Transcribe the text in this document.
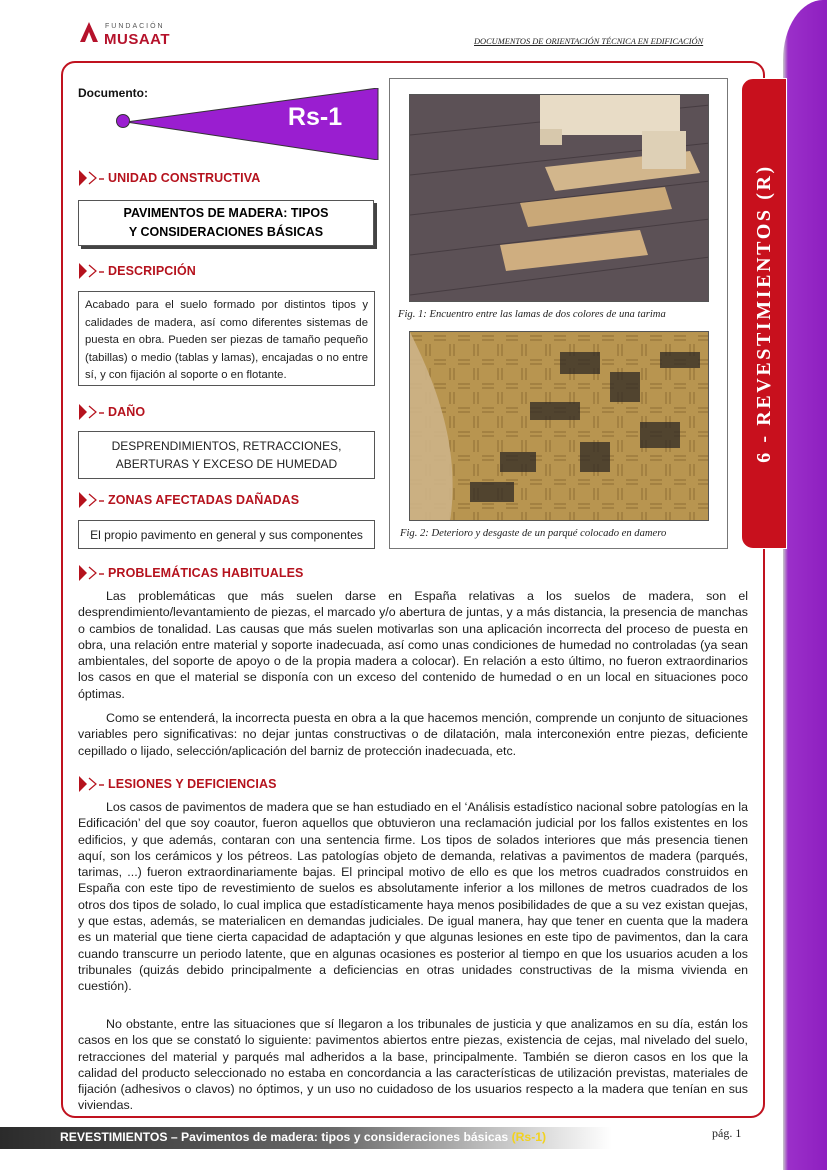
FUNDACIÓN
MUSAAT	DOCUMENTOS DE ORIENTACIÓN TÉCNICA EN EDIFICACIÓN
Documento:
Rs-1
UNIDAD CONSTRUCTIVA
PAVIMENTOS DE MADERA: TIPOS
Y CONSIDERACIONES BÁSICAS
DESCRIPCIÓN
Acabado para el suelo formado por distintos tipos y calidades de madera, así como diferentes sistemas de puesta en obra. Pueden ser piezas de tamaño pequeño (tabillas) o medio (tablas y lamas), encajadas o no entre sí, y con fijación al soporte o en flotante.
DAÑO
DESPRENDIMIENTOS, RETRACCIONES,
ABERTURAS Y EXCESO DE HUMEDAD
ZONAS AFECTADAS DAÑADAS
El propio pavimento en general y sus componentes
Fig. 1: Encuentro entre las lamas de dos colores de una tarima
Fig. 2: Deterioro y desgaste de un parqué colocado en damero
6 - REVESTIMIENTOS (R)
PROBLEMÁTICAS HABITUALES

Las problemáticas que más suelen darse en España relativas a los suelos de madera, son el desprendimiento/levantamiento de piezas, el marcado y/o abertura de juntas, y a más distancia, la presencia de manchas o cambios de tonalidad. Las causas que más suelen motivarlas son una aplicación incorrecta del proceso de puesta en obra, una relación entre material y soporte inadecuada, así como unas condiciones de humedad no controladas (ya sean ambientales, del soporte de apoyo o de la propia madera a colocar). En relación a esto último, no fueron extraordinarios los casos en que el material se disponía con un exceso del contenido de humedad o en un local en situaciones poco óptimas.

Como se entenderá, la incorrecta puesta en obra a la que hacemos mención, comprende un conjunto de situaciones variables pero significativas: no dejar juntas constructivas o de dilatación, mala interconexión entre piezas, deficiente cepillado o lijado, selección/aplicación del barniz de protección inadecuada, etc.

LESIONES Y DEFICIENCIAS

Los casos de pavimentos de madera que se han estudiado en el ‘Análisis estadístico nacional sobre patologías en la Edificación’ del que soy coautor, fueron aquellos que obtuvieron una reclamación judicial por los fallos existentes en los edificios, y que además, contaran con una sentencia firme. Los tipos de solados interiores que más presencia tienen aquí, son los cerámicos y los pétreos. Las patologías objeto de demanda, relativas a pavimentos de madera (parqués, tarimas, ...) fueron extraordinariamente bajas. El principal motivo de ello es que los metros cuadrados construidos en España con este tipo de revestimiento de suelos es absolutamente inferior a los millones de metros cuadrados de los otros dos tipos de solado, lo cual implica que estadísticamente haya menos posibilidades de que a su vez existan quejas, y que estas, además, se materialicen en demandas judiciales. De igual manera, hay que tener en cuenta que la madera es un material que tiene cierta capacidad de adaptación y que algunas lesiones en este tipo de pavimentos, dan la cara cuando transcurre un periodo latente, que en algunas ocasiones es posterior al tiempo en que los usuarios acuden a los tribunales (quizás debido principalmente a deficiencias en otras unidades constructivas de la misma vivienda en cuestión).

No obstante, entre las situaciones que sí llegaron a los tribunales de justicia y que analizamos en su día, están los casos en los que se constató lo siguiente: pavimentos abiertos entre piezas, existencia de cejas, mal nivelado del suelo, retracciones del material y parqués mal adheridos a la base, principalmente. También se dieron casos en los que la calidad del producto seleccionado no estaba en concordancia a las características de utilización previstas, materiales de fijación (adhesivos o clavos) no óptimos, y un uso no cuidadoso de los usuarios respecto a la madera que tenían en sus viviendas.

REVESTIMIENTOS – Pavimentos de madera: tipos y consideraciones básicas (Rs-1)	pág. 1
